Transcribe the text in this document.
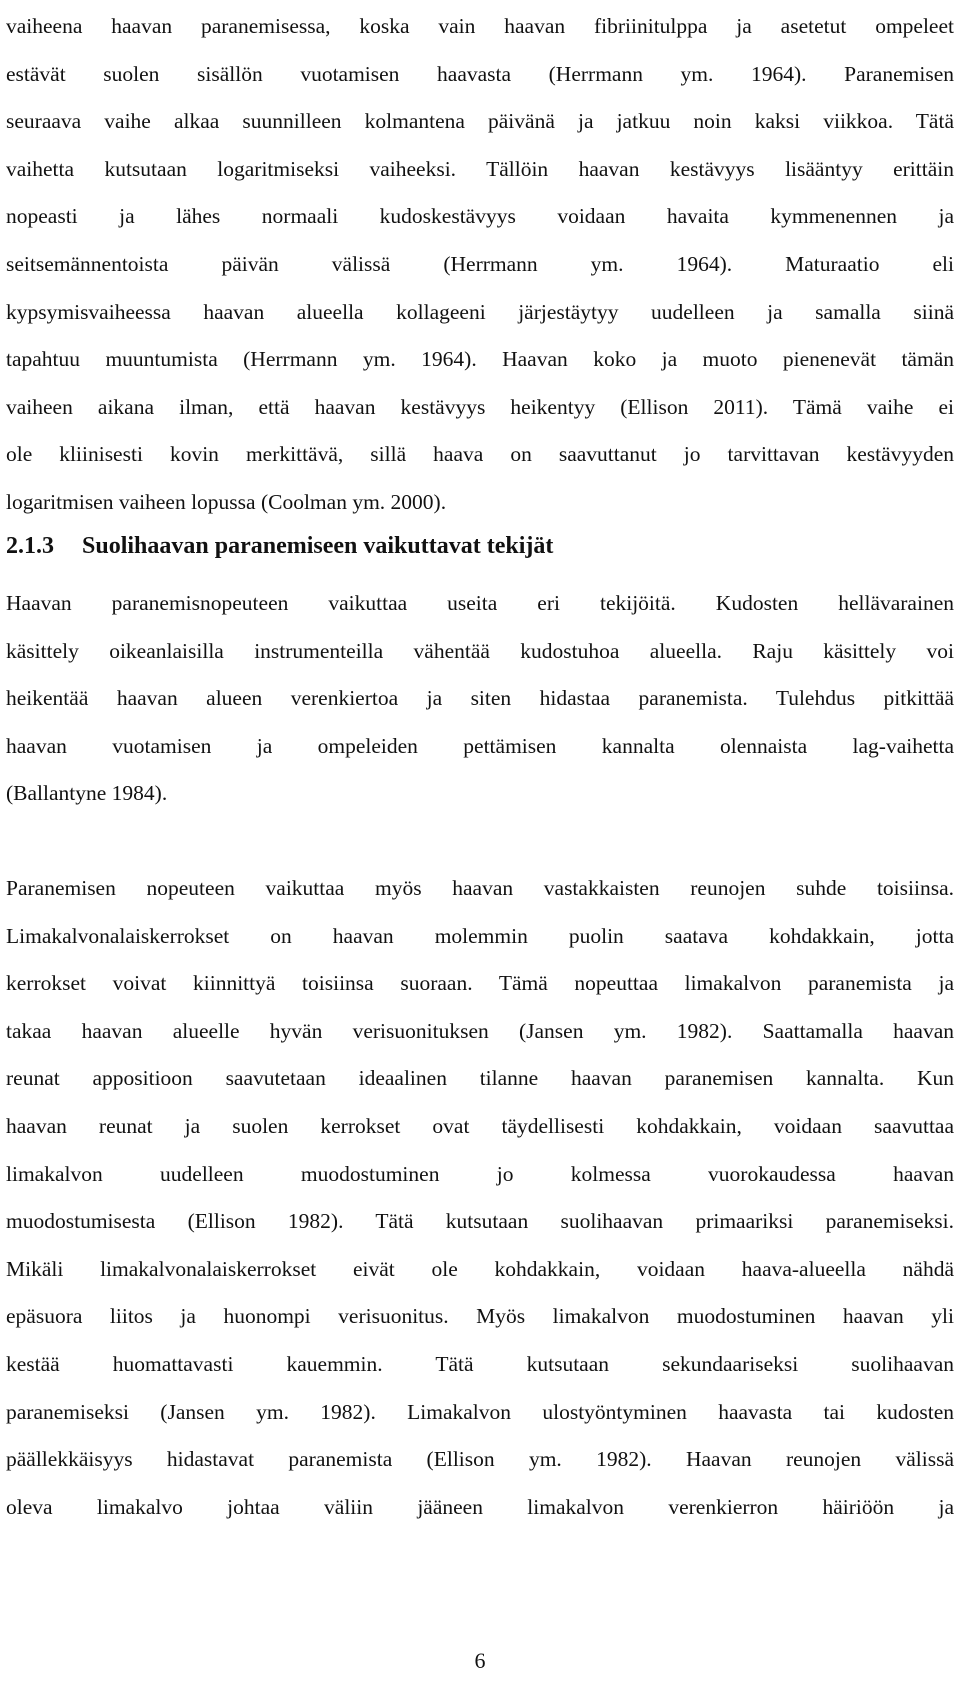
vaiheena haavan paranemisessa, koska vain haavan fibriinitulppa ja asetetut ompeleet
estävät suolen sisällön vuotamisen haavasta (Herrmann ym. 1964). Paranemisen
seuraava vaihe alkaa suunnilleen kolmantena päivänä ja jatkuu noin kaksi viikkoa. Tätä
vaihetta kutsutaan logaritmiseksi vaiheeksi. Tällöin haavan kestävyys lisääntyy erittäin
nopeasti ja lähes normaali kudoskestävyys voidaan havaita kymmenennen ja
seitsemännentoista päivän välissä (Herrmann ym. 1964). Maturaatio eli
kypsymisvaiheessa haavan alueella kollageeni järjestäytyy uudelleen ja samalla siinä
tapahtuu muuntumista (Herrmann ym. 1964). Haavan koko ja muoto pienenevät tämän
vaiheen aikana ilman, että haavan kestävyys heikentyy (Ellison 2011). Tämä vaihe ei
ole kliinisesti kovin merkittävä, sillä haava on saavuttanut jo tarvittavan kestävyyden
logaritmisen vaiheen lopussa (Coolman ym. 2000).
2.1.3 Suolihaavan paranemiseen vaikuttavat tekijät
Haavan paranemisnopeuteen vaikuttaa useita eri tekijöitä. Kudosten hellävarainen
käsittely oikeanlaisilla instrumenteilla vähentää kudostuhoa alueella. Raju käsittely voi
heikentää haavan alueen verenkiertoa ja siten hidastaa paranemista. Tulehdus pitkittää
haavan vuotamisen ja ompeleiden pettämisen kannalta olennaista lag-vaihetta
(Ballantyne 1984).
Paranemisen nopeuteen vaikuttaa myös haavan vastakkaisten reunojen suhde toisiinsa.
Limakalvonalaiskerrokset on haavan molemmin puolin saatava kohdakkain, jotta
kerrokset voivat kiinnittyä toisiinsa suoraan. Tämä nopeuttaa limakalvon paranemista ja
takaa haavan alueelle hyvän verisuonituksen (Jansen ym. 1982). Saattamalla haavan
reunat appositioon saavutetaan ideaalinen tilanne haavan paranemisen kannalta. Kun
haavan reunat ja suolen kerrokset ovat täydellisesti kohdakkain, voidaan saavuttaa
limakalvon uudelleen muodostuminen jo kolmessa vuorokaudessa haavan
muodostumisesta (Ellison 1982). Tätä kutsutaan suolihaavan primaariksi paranemiseksi.
Mikäli limakalvonalaiskerrokset eivät ole kohdakkain, voidaan haava-alueella nähdä
epäsuora liitos ja huonompi verisuonitus. Myös limakalvon muodostuminen haavan yli
kestää huomattavasti kauemmin. Tätä kutsutaan sekundaariseksi suolihaavan
paranemiseksi (Jansen ym. 1982). Limakalvon ulostyöntyminen haavasta tai kudosten
päällekkäisyys hidastavat paranemista (Ellison ym. 1982). Haavan reunojen välissä
oleva limakalvo johtaa väliin jääneen limakalvon verenkierron häiriöön ja
6
